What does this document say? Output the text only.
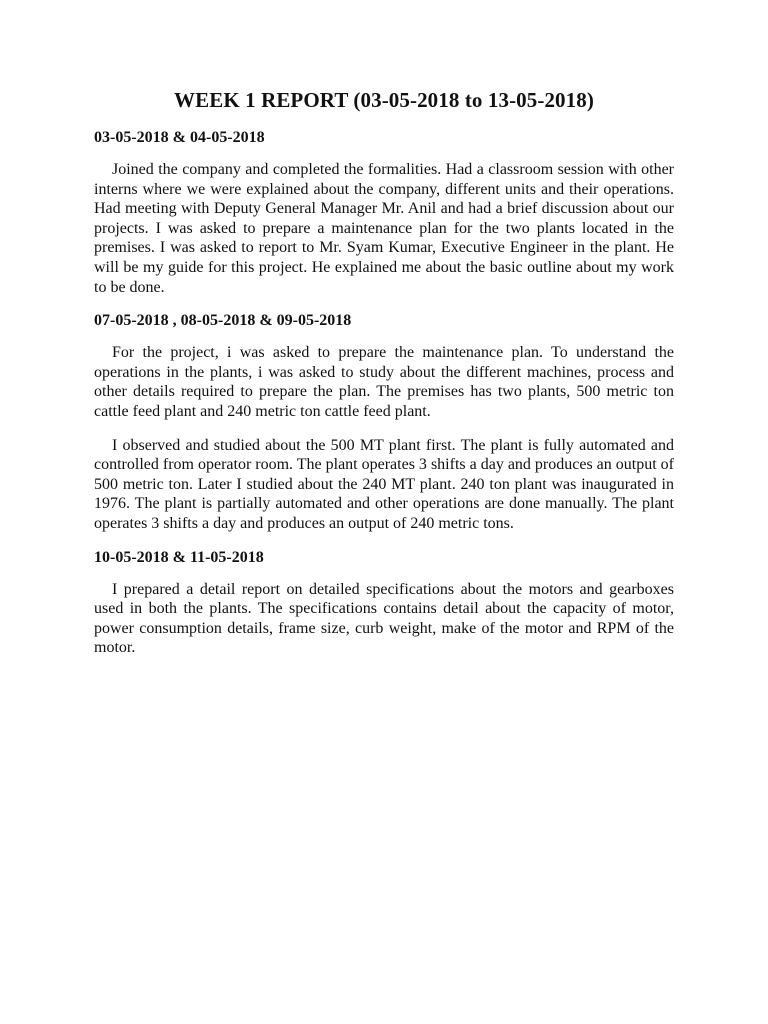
WEEK 1 REPORT (03-05-2018 to 13-05-2018)
03-05-2018 & 04-05-2018

Joined the company and completed the formalities. Had a classroom session with other interns where we were explained about the company, different units and their operations. Had meeting with Deputy General Manager Mr. Anil and had a brief discussion about our projects. I was asked to prepare a maintenance plan for the two plants located in the premises. I was asked to report to Mr. Syam Kumar, Executive Engineer in the plant. He will be my guide for this project. He explained me about the basic outline about my work to be done.

07-05-2018 , 08-05-2018 & 09-05-2018

For the project, i was asked to prepare the maintenance plan. To understand the operations in the plants, i was asked to study about the different machines, process and other details required to prepare the plan. The premises has two plants, 500 metric ton cattle feed plant and 240 metric ton cattle feed plant.

I observed and studied about the 500 MT plant first. The plant is fully automated and controlled from operator room. The plant operates 3 shifts a day and produces an output of 500 metric ton. Later I studied about the 240 MT plant. 240 ton plant was inaugurated in 1976. The plant is partially automated and other operations are done manually. The plant operates 3 shifts a day and produces an output of 240 metric tons.

10-05-2018 & 11-05-2018

I prepared a detail report on detailed specifications about the motors and gearboxes used in both the plants. The specifications contains detail about the capacity of motor, power consumption details, frame size, curb weight, make of the motor and RPM of the motor.
